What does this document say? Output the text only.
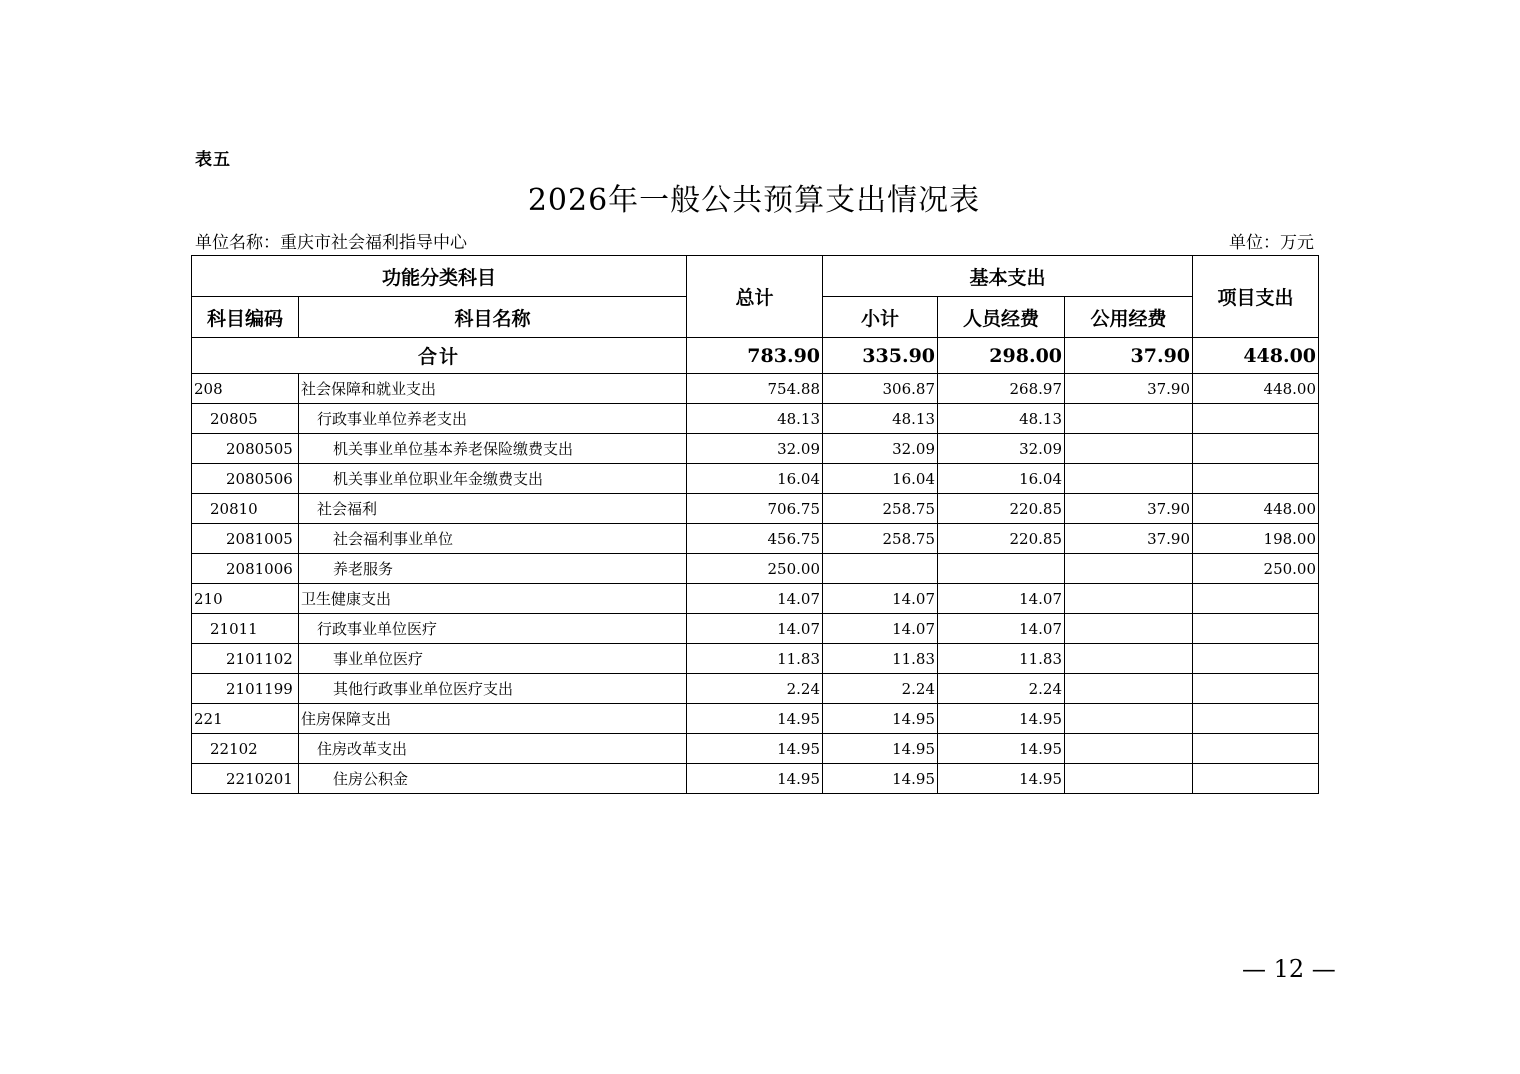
表五
2026年一般公共预算支出情况表
单位名称：重庆市社会福利指导中心	单位：万元
功能分类科目		总计	基本支出			项目支出
科目编码	科目名称		小计	人员经费	公用经费	
合计		783.90	335.90	298.00	37.90	448.00
208	社会保障和就业支出	754.88	306.87	268.97	37.90	448.00
20805	行政事业单位养老支出	48.13	48.13	48.13		
2080505	机关事业单位基本养老保险缴费支出	32.09	32.09	32.09		
2080506	机关事业单位职业年金缴费支出	16.04	16.04	16.04		
20810	社会福利	706.75	258.75	220.85	37.90	448.00
2081005	社会福利事业单位	456.75	258.75	220.85	37.90	198.00
2081006	养老服务	250.00				250.00
210	卫生健康支出	14.07	14.07	14.07		
21011	行政事业单位医疗	14.07	14.07	14.07		
2101102	事业单位医疗	11.83	11.83	11.83		
2101199	其他行政事业单位医疗支出	2.24	2.24	2.24		
221	住房保障支出	14.95	14.95	14.95		
22102	住房改革支出	14.95	14.95	14.95		
2210201	住房公积金	14.95	14.95	14.95		
— 12 —
